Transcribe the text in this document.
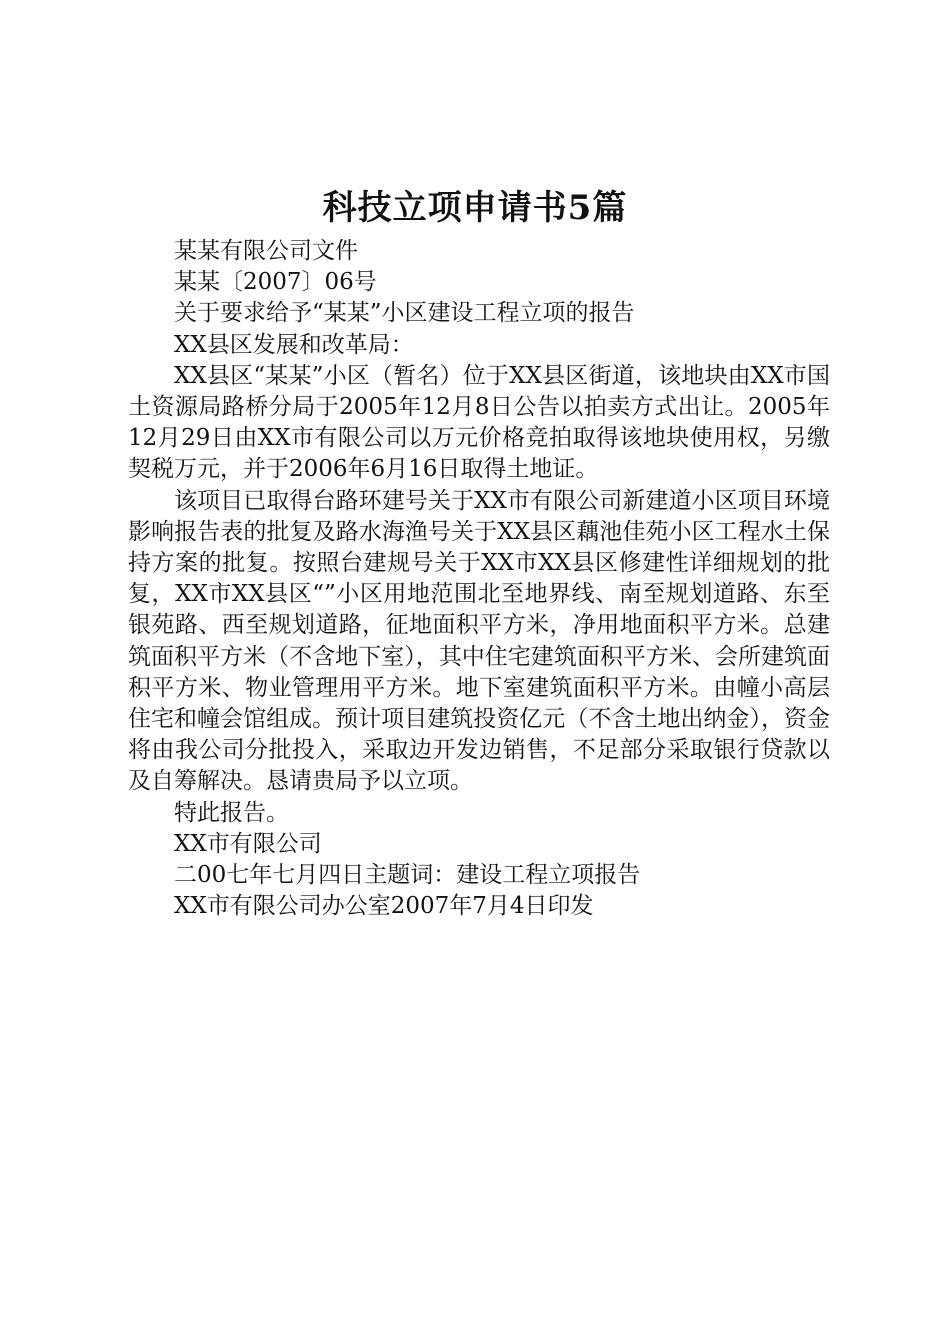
科技立项申请书5篇

某某有限公司文件

某某〔2007〕06号

关于要求给予“某某”小区建设工程立项的报告

XX县区发展和改革局：

XX县区“某某”小区（暂名）位于XX县区街道，该地块由XX市国土资源局路桥分局于2005年12月8日公告以拍卖方式出让。2005年12月29日由XX市有限公司以万元价格竞拍取得该地块使用权，另缴契税万元，并于2006年6月16日取得土地证。

该项目已取得台路环建号关于XX市有限公司新建道小区项目环境影响报告表的批复及路水海渔号关于XX县区藕池佳苑小区工程水土保持方案的批复。按照台建规号关于XX市XX县区修建性详细规划的批复，XX市XX县区“”小区用地范围北至地界线、南至规划道路、东至银苑路、西至规划道路，征地面积平方米，净用地面积平方米。总建筑面积平方米（不含地下室），其中住宅建筑面积平方米、会所建筑面积平方米、物业管理用平方米。地下室建筑面积平方米。由幢小高层住宅和幢会馆组成。预计项目建筑投资亿元（不含土地出纳金），资金将由我公司分批投入，采取边开发边销售，不足部分采取银行贷款以及自筹解决。恳请贵局予以立项。

特此报告。

XX市有限公司

二00七年七月四日主题词：建设工程立项报告

XX市有限公司办公室2007年7月4日印发
